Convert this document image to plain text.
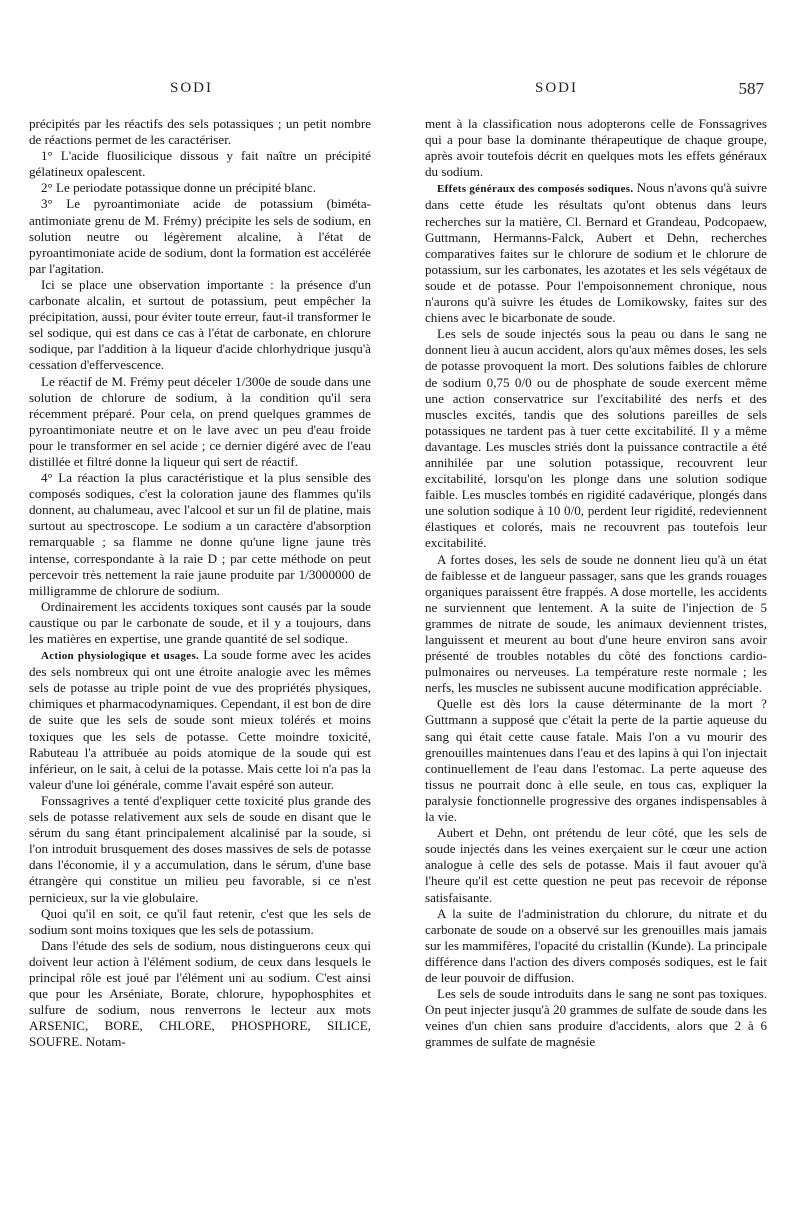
SODI	SODI	587

précipités par les réactifs des sels potassiques ; un petit nombre de réactions permet de les caractériser.

1° L'acide fluosilicique dissous y fait naître un précipité gélatineux opalescent.

2° Le periodate potassique donne un précipité blanc.

3° Le pyroantimoniate acide de potassium (biméta-antimoniate grenu de M. Frémy) précipite les sels de sodium, en solution neutre ou légèrement alcaline, à l'état de pyroantimoniate acide de sodium, dont la formation est accélérée par l'agitation.

Ici se place une observation importante : la présence d'un carbonate alcalin, et surtout de potassium, peut empêcher la précipitation, aussi, pour éviter toute erreur, faut-il transformer le sel sodique, qui est dans ce cas à l'état de carbonate, en chlorure sodique, par l'addition à la liqueur d'acide chlorhydrique jusqu'à cessation d'effervescence.

Le réactif de M. Frémy peut déceler 1/300e de soude dans une solution de chlorure de sodium, à la condition qu'il sera récemment préparé. Pour cela, on prend quelques grammes de pyroantimoniate neutre et on le lave avec un peu d'eau froide pour le transformer en sel acide ; ce dernier digéré avec de l'eau distillée et filtré donne la liqueur qui sert de réactif.

4° La réaction la plus caractéristique et la plus sensible des composés sodiques, c'est la coloration jaune des flammes qu'ils donnent, au chalumeau, avec l'alcool et sur un fil de platine, mais surtout au spectroscope. Le sodium a un caractère d'absorption remarquable ; sa flamme ne donne qu'une ligne jaune très intense, correspondante à la raie D ; par cette méthode on peut percevoir très nettement la raie jaune produite par 1/3000000 de milligramme de chlorure de sodium.

Ordinairement les accidents toxiques sont causés par la soude caustique ou par le carbonate de soude, et il y a toujours, dans les matières en expertise, une grande quantité de sel sodique.

Action physiologique et usages. La soude forme avec les acides des sels nombreux qui ont une étroite analogie avec les mêmes sels de potasse au triple point de vue des propriétés physiques, chimiques et pharmacodynamiques. Cependant, il est bon de dire de suite que les sels de soude sont mieux tolérés et moins toxiques que les sels de potasse. Cette moindre toxicité, Rabuteau l'a attribuée au poids atomique de la soude qui est inférieur, on le sait, à celui de la potasse. Mais cette loi n'a pas la valeur d'une loi générale, comme l'avait espéré son auteur.

Fonssagrives a tenté d'expliquer cette toxicité plus grande des sels de potasse relativement aux sels de soude en disant que le sérum du sang étant principalement alcalinisé par la soude, si l'on introduit brusquement des doses massives de sels de potasse dans l'économie, il y a accumulation, dans le sérum, d'une base étrangère qui constitue un milieu peu favorable, si ce n'est pernicieux, sur la vie globulaire.

Quoi qu'il en soit, ce qu'il faut retenir, c'est que les sels de sodium sont moins toxiques que les sels de potassium.

Dans l'étude des sels de sodium, nous distinguerons ceux qui doivent leur action à l'élément sodium, de ceux dans lesquels le principal rôle est joué par l'élément uni au sodium. C'est ainsi que pour les Arséniate, Borate, chlorure, hypophosphites et sulfure de sodium, nous renverrons le lecteur aux mots ARSENIC, BORE, CHLORE, PHOSPHORE, SILICE, SOUFRE. Notam-

ment à la classification nous adopterons celle de Fonssagrives qui a pour base la dominante thérapeutique de chaque groupe, après avoir toutefois décrit en quelques mots les effets généraux du sodium.

Effets généraux des composés sodiques. Nous n'avons qu'à suivre dans cette étude les résultats qu'ont obtenus dans leurs recherches sur la matière, Cl. Bernard et Grandeau, Podcopaew, Guttmann, Hermanns-Falck, Aubert et Dehn, recherches comparatives faites sur le chlorure de sodium et le chlorure de potassium, sur les carbonates, les azotates et les sels végétaux de soude et de potasse. Pour l'empoisonnement chronique, nous n'aurons qu'à suivre les études de Lomikowsky, faites sur des chiens avec le bicarbonate de soude.

Les sels de soude injectés sous la peau ou dans le sang ne donnent lieu à aucun accident, alors qu'aux mêmes doses, les sels de potasse provoquent la mort. Des solutions faibles de chlorure de sodium 0,75 0/0 ou de phosphate de soude exercent même une action conservatrice sur l'excitabilité des nerfs et des muscles excités, tandis que des solutions pareilles de sels potassiques ne tardent pas à tuer cette excitabilité. Il y a même davantage. Les muscles striés dont la puissance contractile a été annihilée par une solution potassique, recouvrent leur excitabilité, lorsqu'on les plonge dans une solution sodique faible. Les muscles tombés en rigidité cadavérique, plongés dans une solution sodique à 10 0/0, perdent leur rigidité, redeviennent élastiques et colorés, mais ne recouvrent pas toutefois leur excitabilité.

A fortes doses, les sels de soude ne donnent lieu qu'à un état de faiblesse et de langueur passager, sans que les grands rouages organiques paraissent être frappés. A dose mortelle, les accidents ne surviennent que lentement. A la suite de l'injection de 5 grammes de nitrate de soude, les animaux deviennent tristes, languissent et meurent au bout d'une heure environ sans avoir présenté de troubles notables du côté des fonctions cardio-pulmonaires ou nerveuses. La température reste normale ; les nerfs, les muscles ne subissent aucune modification appréciable.

Quelle est dès lors la cause déterminante de la mort ? Guttmann a supposé que c'était la perte de la partie aqueuse du sang qui était cette cause fatale. Mais l'on a vu mourir des grenouilles maintenues dans l'eau et des lapins à qui l'on injectait continuellement de l'eau dans l'estomac. La perte aqueuse des tissus ne pourrait donc à elle seule, en tous cas, expliquer la paralysie fonctionnelle progressive des organes indispensables à la vie.

Aubert et Dehn, ont prétendu de leur côté, que les sels de soude injectés dans les veines exerçaient sur le cœur une action analogue à celle des sels de potasse. Mais il faut avouer qu'à l'heure qu'il est cette question ne peut pas recevoir de réponse satisfaisante.

A la suite de l'administration du chlorure, du nitrate et du carbonate de soude on a observé sur les grenouilles mais jamais sur les mammifères, l'opacité du cristallin (Kunde). La principale différence dans l'action des divers composés sodiques, est le fait de leur pouvoir de diffusion.

Les sels de soude introduits dans le sang ne sont pas toxiques. On peut injecter jusqu'à 20 grammes de sulfate de soude dans les veines d'un chien sans produire d'accidents, alors que 2 à 6 grammes de sulfate de magnésie
